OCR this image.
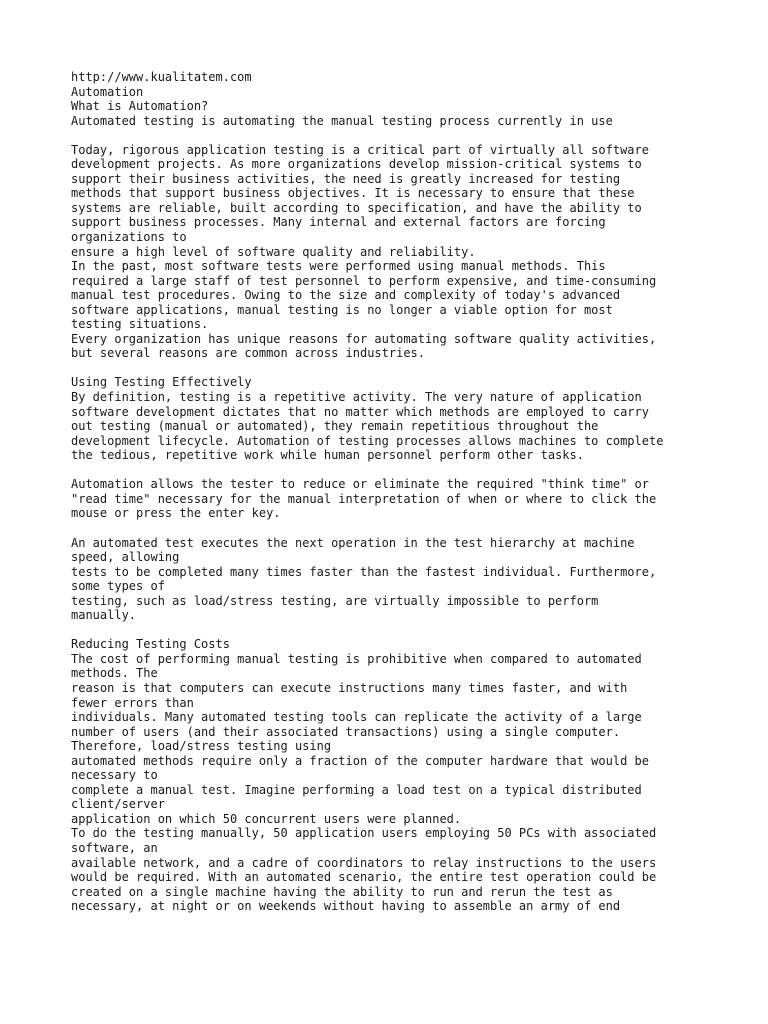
http://www.kualitatem.com
Automation
What is Automation?
Automated testing is automating the manual testing process currently in use
Today, rigorous application testing is a critical part of virtually all software
development projects. As more organizations develop mission-critical systems to
support their business activities, the need is greatly increased for testing
methods that support business objectives. It is necessary to ensure that these
systems are reliable, built according to specification, and have the ability to
support business processes. Many internal and external factors are forcing
organizations to
ensure a high level of software quality and reliability.
In the past, most software tests were performed using manual methods. This
required a large staff of test personnel to perform expensive, and time-consuming
manual test procedures. Owing to the size and complexity of today's advanced
software applications, manual testing is no longer a viable option for most
testing situations.
Every organization has unique reasons for automating software quality activities,
but several reasons are common across industries.
Using Testing Effectively
By definition, testing is a repetitive activity. The very nature of application
software development dictates that no matter which methods are employed to carry
out testing (manual or automated), they remain repetitious throughout the
development lifecycle. Automation of testing processes allows machines to complete
the tedious, repetitive work while human personnel perform other tasks.
Automation allows the tester to reduce or eliminate the required "think time" or
"read time" necessary for the manual interpretation of when or where to click the
mouse or press the enter key.
An automated test executes the next operation in the test hierarchy at machine
speed, allowing
tests to be completed many times faster than the fastest individual. Furthermore,
some types of
testing, such as load/stress testing, are virtually impossible to perform
manually.
Reducing Testing Costs
The cost of performing manual testing is prohibitive when compared to automated
methods. The
reason is that computers can execute instructions many times faster, and with
fewer errors than
individuals. Many automated testing tools can replicate the activity of a large
number of users (and their associated transactions) using a single computer.
Therefore, load/stress testing using
automated methods require only a fraction of the computer hardware that would be
necessary to
complete a manual test. Imagine performing a load test on a typical distributed
client/server
application on which 50 concurrent users were planned.
To do the testing manually, 50 application users employing 50 PCs with associated
software, an
available network, and a cadre of coordinators to relay instructions to the users
would be required. With an automated scenario, the entire test operation could be
created on a single machine having the ability to run and rerun the test as
necessary, at night or on weekends without having to assemble an army of end
